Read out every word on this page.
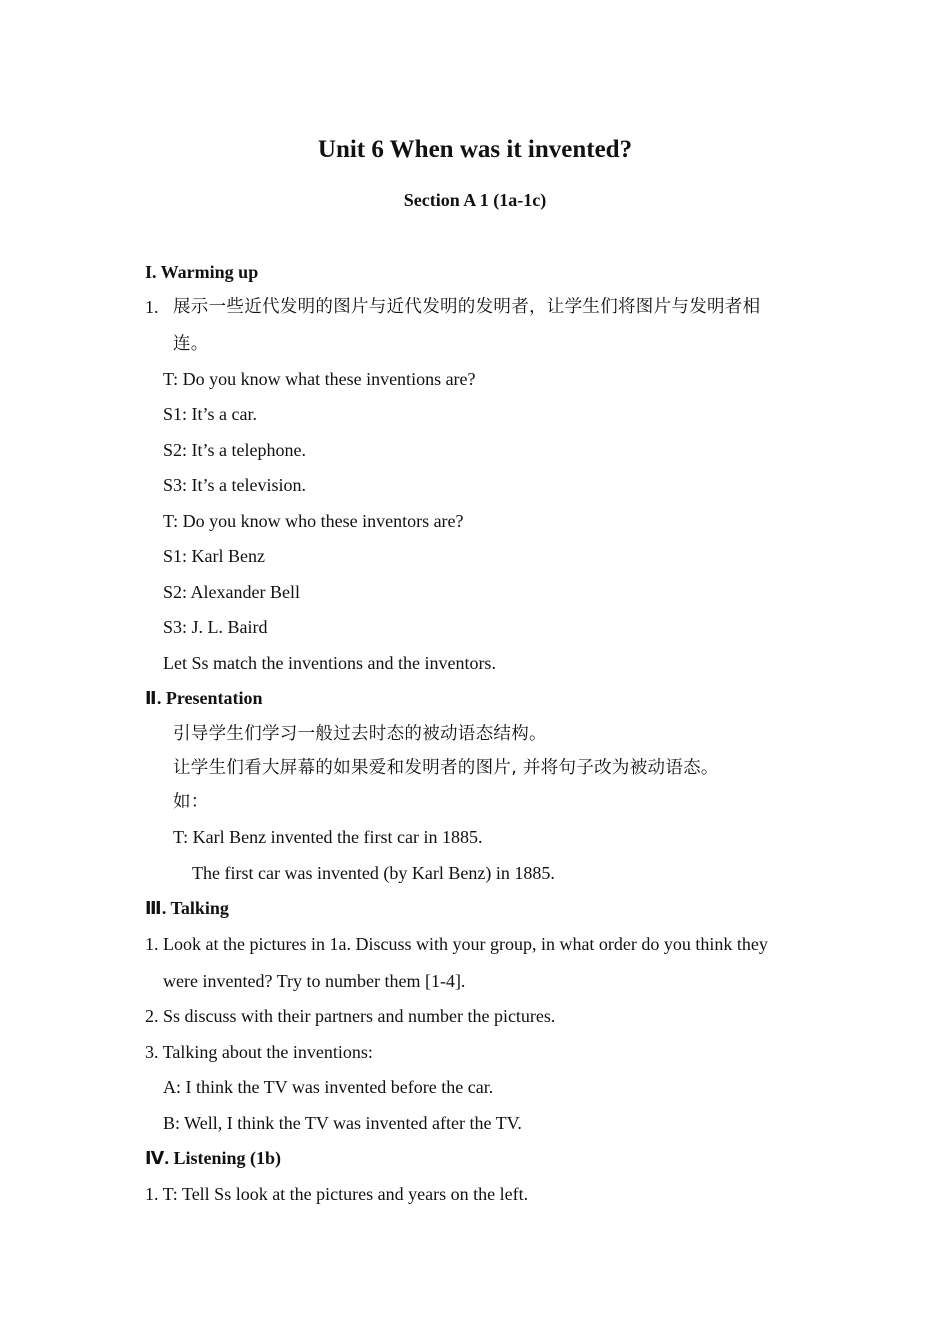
Unit 6 When was it invented?
Section A 1 (1a-1c)
I. Warming up
1. 展示一些近代发明的图片与近代发明的发明者，让学生们将图片与发明者相
连。
T: Do you know what these inventions are?
S1: It’s a car.
S2: It’s a telephone.
S3: It’s a television.
T: Do you know who these inventors are?
S1: Karl Benz
S2: Alexander Bell
S3: J. L. Baird
Let Ss match the inventions and the inventors.
Ⅱ. Presentation
引导学生们学习一般过去时态的被动语态结构。
让学生们看大屏幕的如果爱和发明者的图片, 并将句子改为被动语态。
如：
T: Karl Benz invented the first car in 1885.
The first car was invented (by Karl Benz) in 1885.
Ⅲ. Talking
1. Look at the pictures in 1a. Discuss with your group, in what order do you think they
were invented? Try to number them [1-4].
2. Ss discuss with their partners and number the pictures.
3. Talking about the inventions:
A: I think the TV was invented before the car.
B: Well, I think the TV was invented after the TV.
Ⅳ. Listening (1b)
1. T: Tell Ss look at the pictures and years on the left.
